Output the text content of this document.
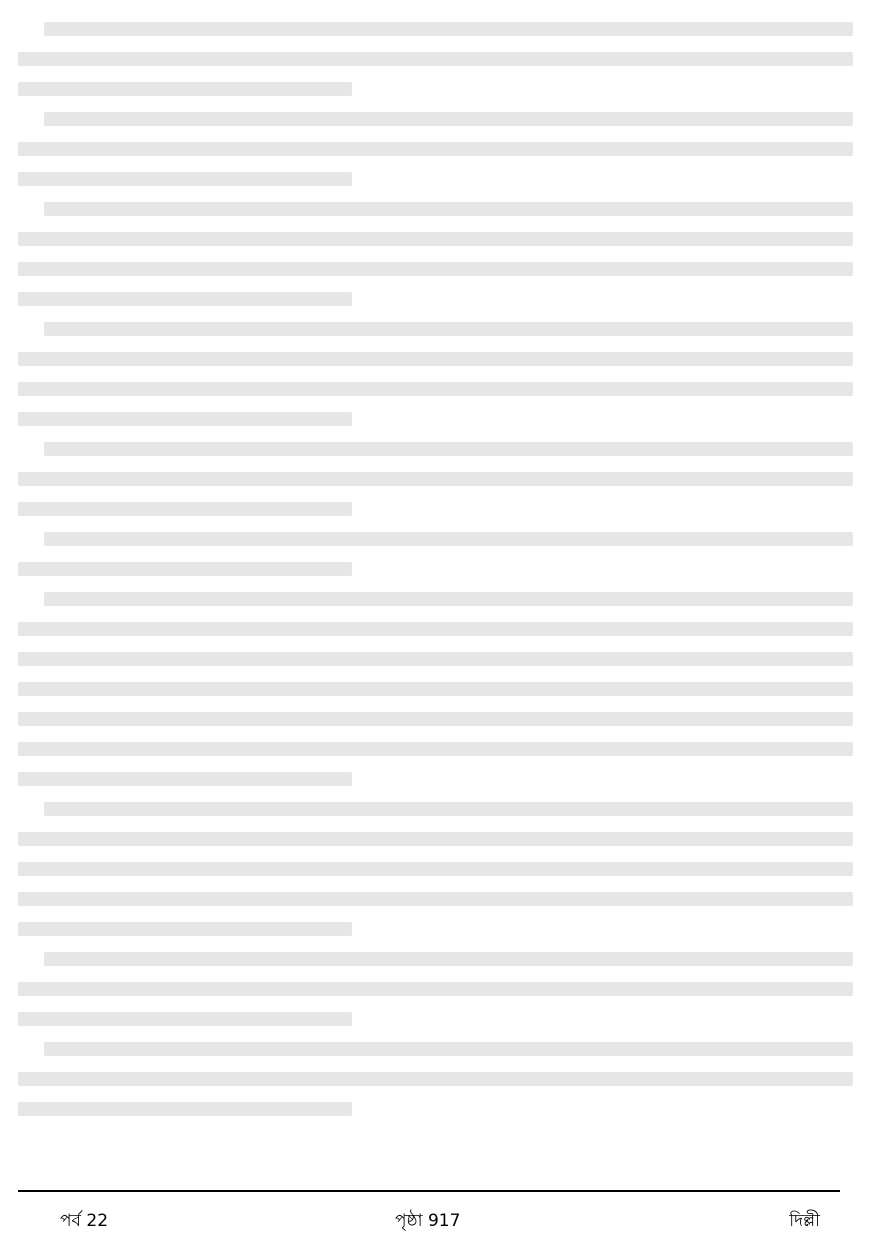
পর্ব 22	পৃষ্ঠা 917	দিল্লী
